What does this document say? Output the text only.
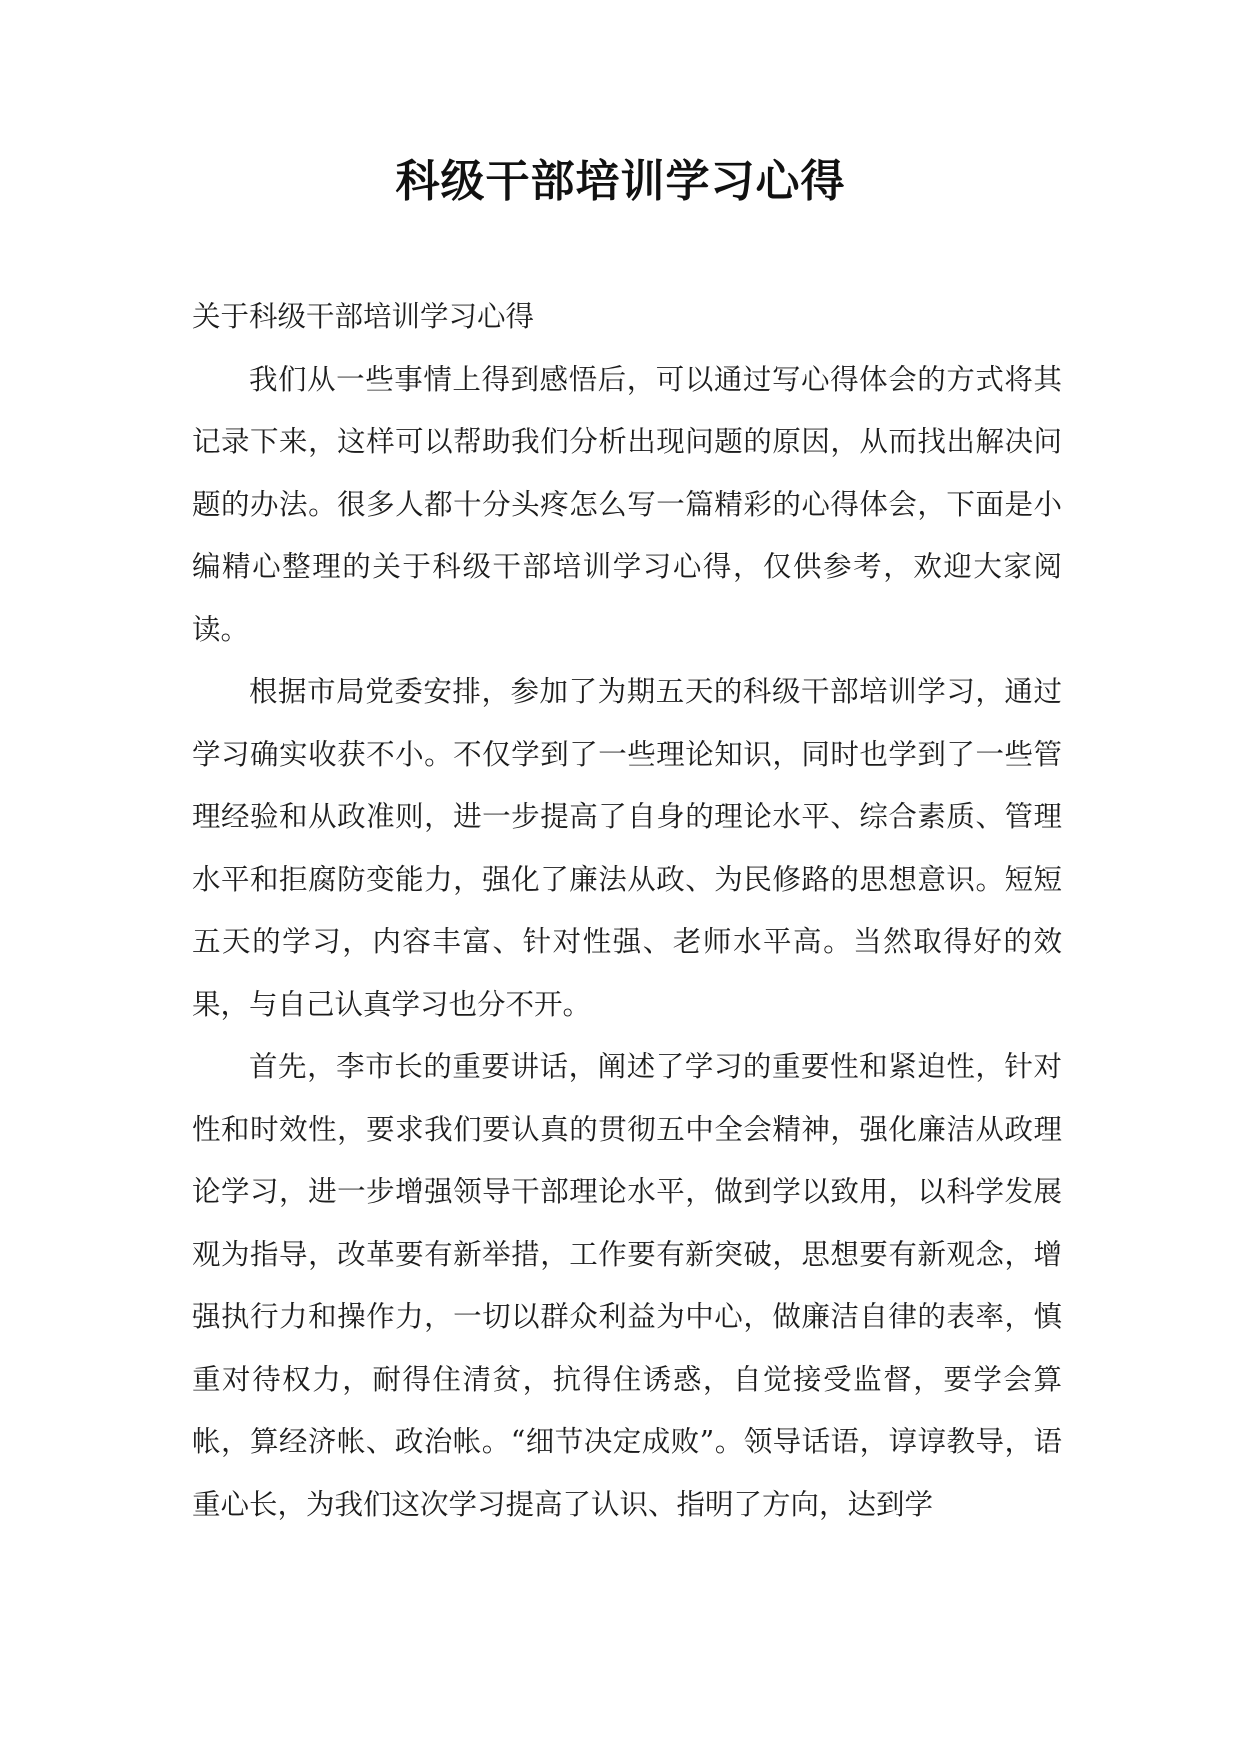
科级干部培训学习心得

关于科级干部培训学习心得

我们从一些事情上得到感悟后，可以通过写心得体会的方式将其记录下来，这样可以帮助我们分析出现问题的原因，从而找出解决问题的办法。很多人都十分头疼怎么写一篇精彩的心得体会，下面是小编精心整理的关于科级干部培训学习心得，仅供参考，欢迎大家阅读。

根据市局党委安排，参加了为期五天的科级干部培训学习，通过学习确实收获不小。不仅学到了一些理论知识，同时也学到了一些管理经验和从政准则，进一步提高了自身的理论水平、综合素质、管理水平和拒腐防变能力，强化了廉法从政、为民修路的思想意识。短短五天的学习，内容丰富、针对性强、老师水平高。当然取得好的效果，与自己认真学习也分不开。

首先，李市长的重要讲话，阐述了学习的重要性和紧迫性，针对性和时效性，要求我们要认真的贯彻五中全会精神，强化廉洁从政理论学习，进一步增强领导干部理论水平，做到学以致用，以科学发展观为指导，改革要有新举措，工作要有新突破，思想要有新观念，增强执行力和操作力，一切以群众利益为中心，做廉洁自律的表率，慎重对待权力，耐得住清贫，抗得住诱惑，自觉接受监督，要学会算帐，算经济帐、政治帐。“细节决定成败”。领导话语，谆谆教导，语重心长，为我们这次学习提高了认识、指明了方向，达到学
